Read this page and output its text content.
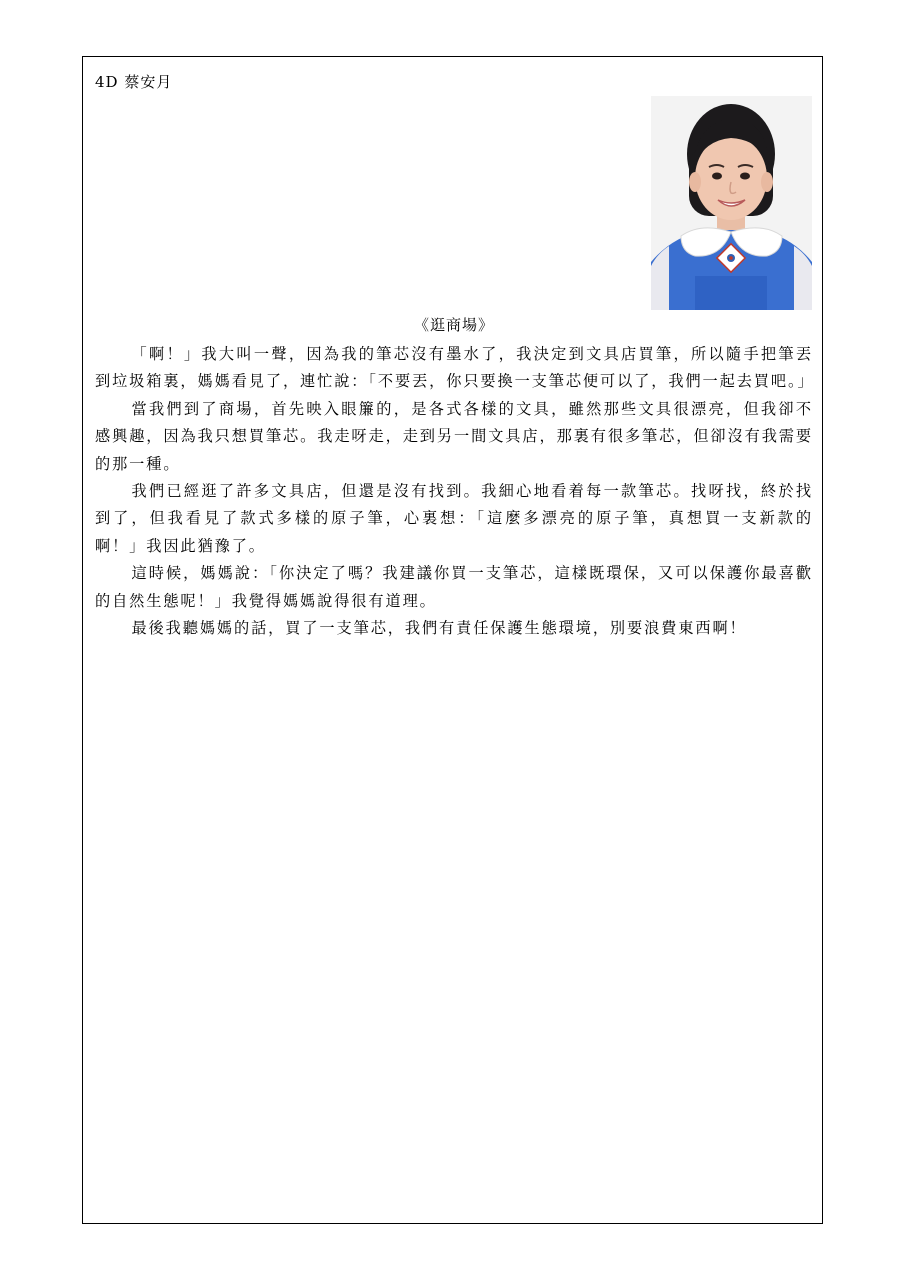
4D 蔡安月
《逛商場》

「啊！」我大叫一聲，因為我的筆芯沒有墨水了，我決定到文具店買筆，所以隨手把筆丟到垃圾箱裏，媽媽看見了，連忙說：「不要丟，你只要換一支筆芯便可以了，我們一起去買吧。」

當我們到了商場，首先映入眼簾的，是各式各樣的文具，雖然那些文具很漂亮，但我卻不感興趣，因為我只想買筆芯。我走呀走，走到另一間文具店，那裏有很多筆芯，但卻沒有我需要的那一種。

我們已經逛了許多文具店，但還是沒有找到。我細心地看着每一款筆芯。找呀找，終於找到了，但我看見了款式多樣的原子筆，心裏想：「這麼多漂亮的原子筆，真想買一支新款的啊！」我因此猶豫了。

這時候，媽媽說：「你決定了嗎？我建議你買一支筆芯，這樣既環保，又可以保護你最喜歡的自然生態呢！」我覺得媽媽說得很有道理。

最後我聽媽媽的話，買了一支筆芯，我們有責任保護生態環境，別要浪費東西啊！
